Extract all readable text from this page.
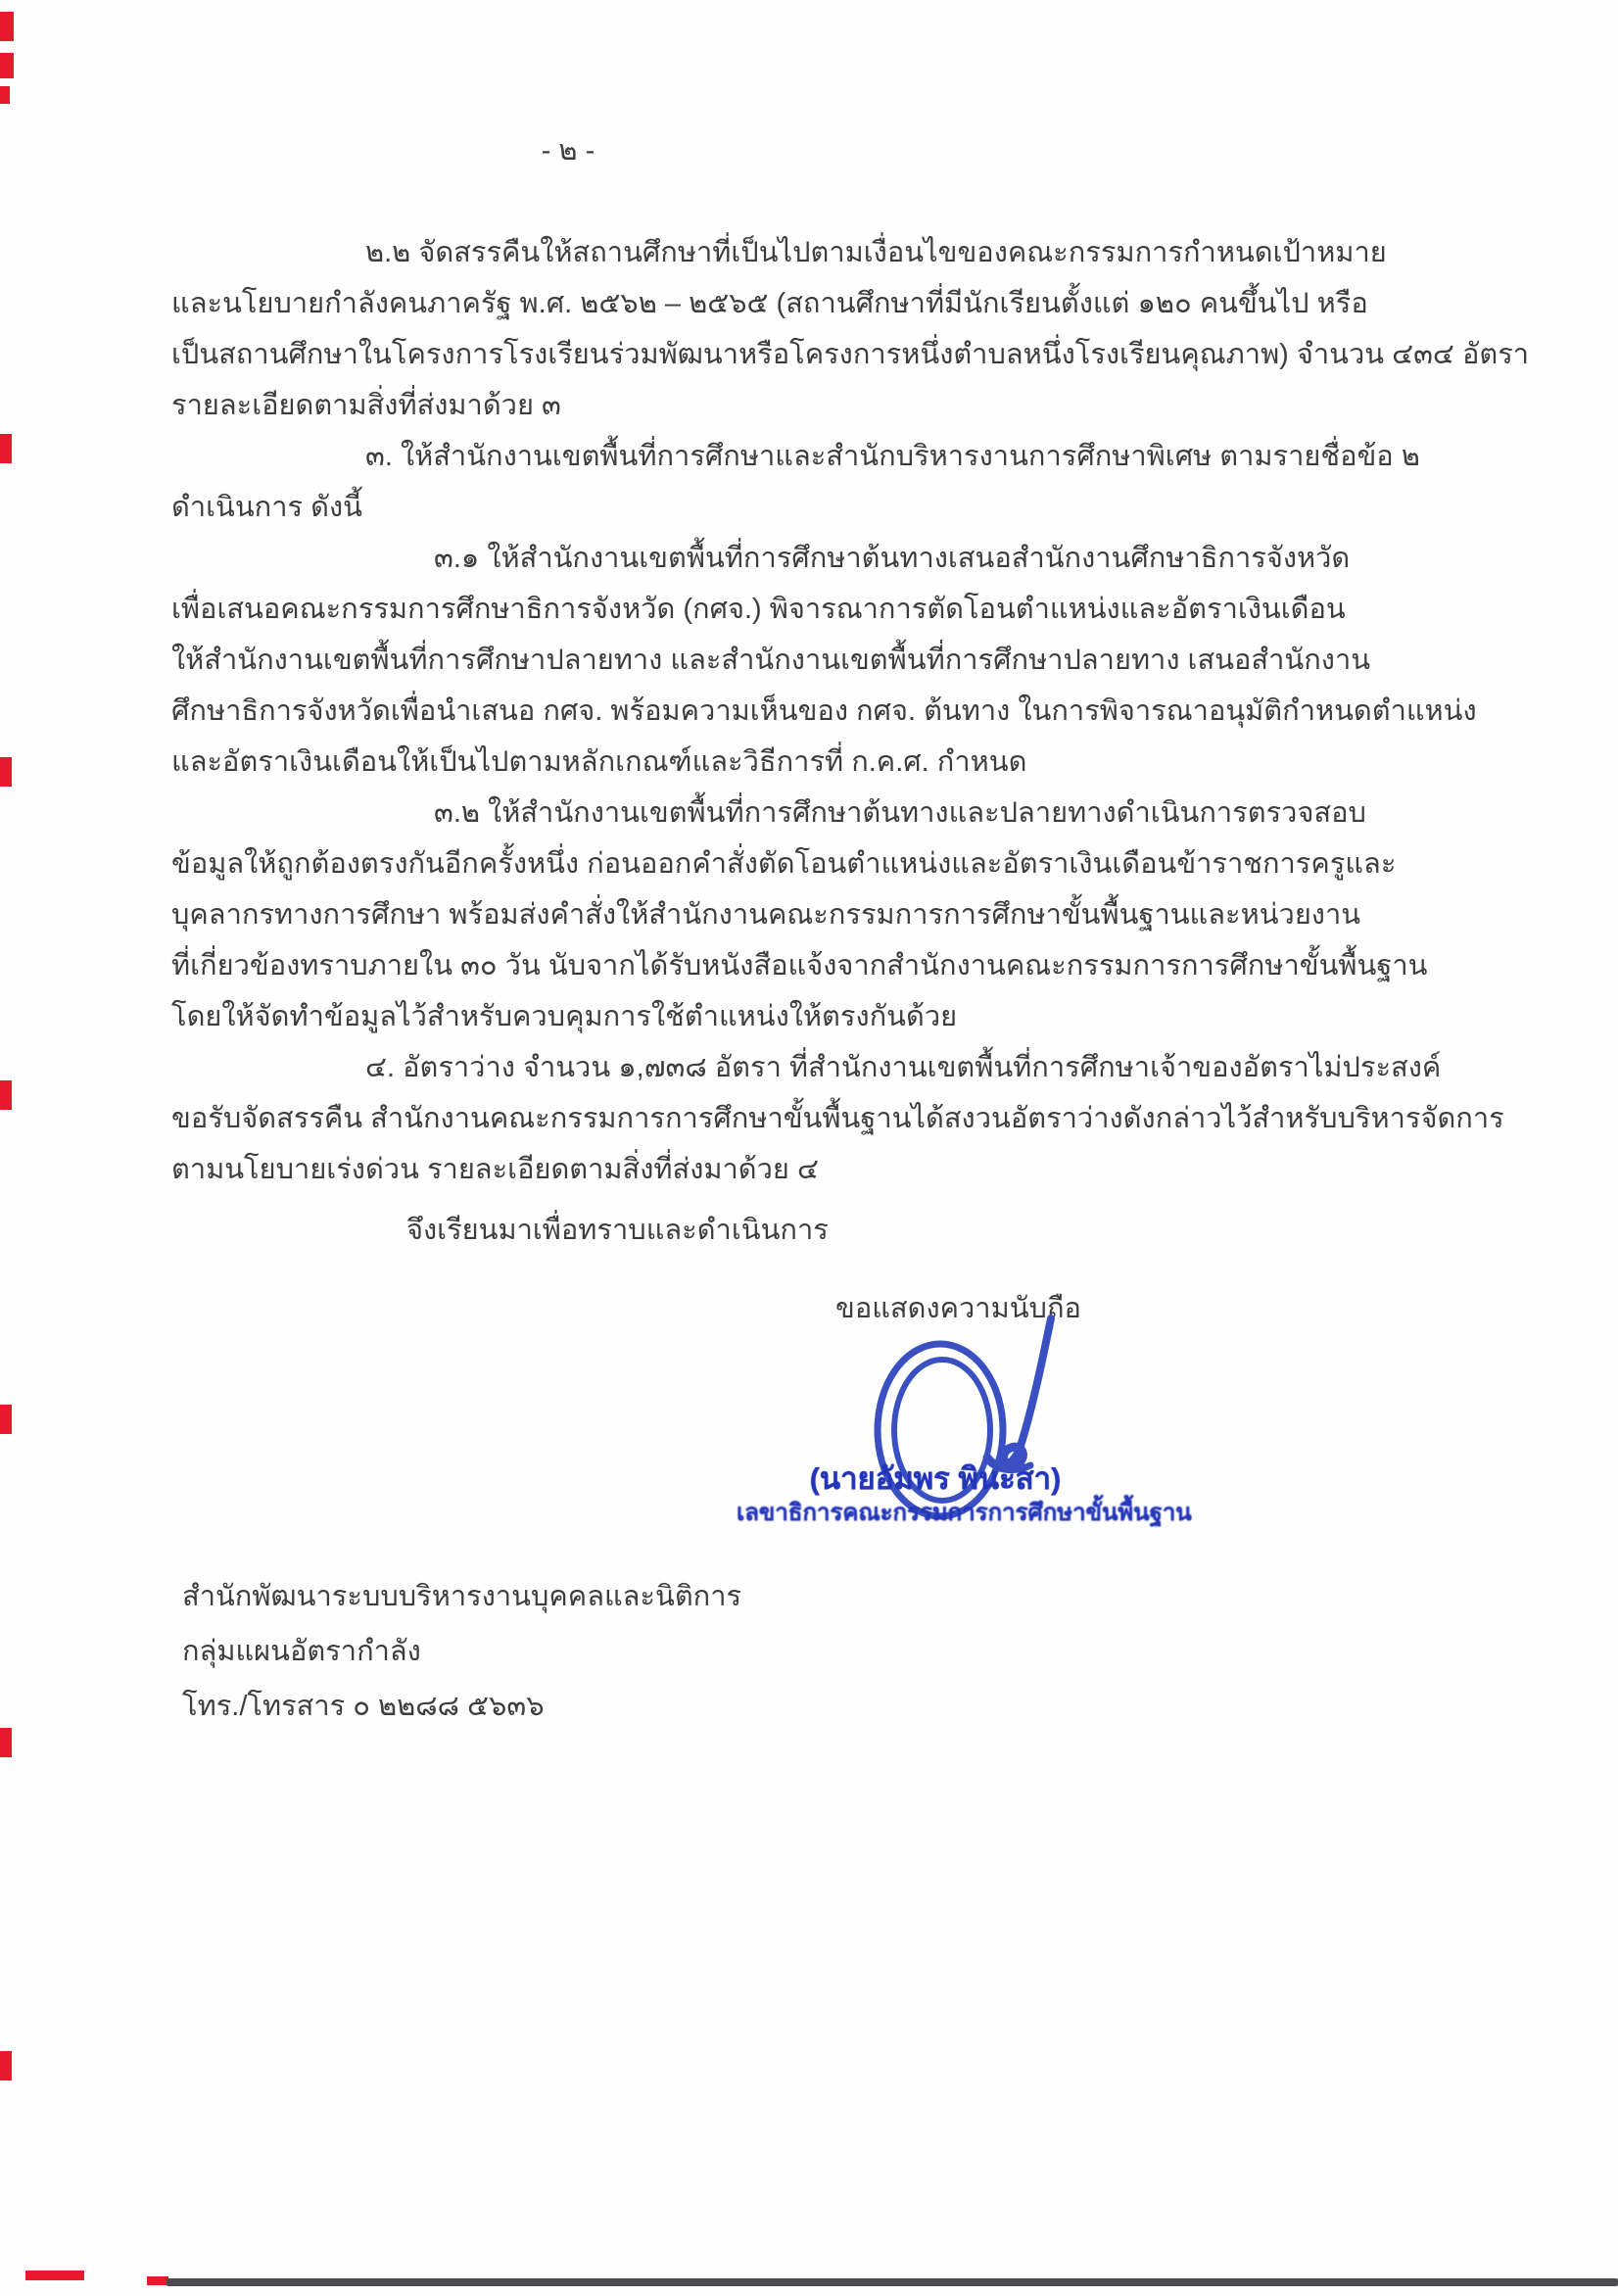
- ๒ -
๒.๒ จัดสรรคืนให้สถานศึกษาที่เป็นไปตามเงื่อนไขของคณะกรรมการกำหนดเป้าหมาย
และนโยบายกำลังคนภาครัฐ พ.ศ. ๒๕๖๒ – ๒๕๖๕ (สถานศึกษาที่มีนักเรียนตั้งแต่ ๑๒๐ คนขึ้นไป หรือ
เป็นสถานศึกษาในโครงการโรงเรียนร่วมพัฒนาหรือโครงการหนึ่งตำบลหนึ่งโรงเรียนคุณภาพ) จำนวน ๔๓๔ อัตรา
รายละเอียดตามสิ่งที่ส่งมาด้วย ๓
๓. ให้สำนักงานเขตพื้นที่การศึกษาและสำนักบริหารงานการศึกษาพิเศษ ตามรายชื่อข้อ ๒
ดำเนินการ ดังนี้
๓.๑ ให้สำนักงานเขตพื้นที่การศึกษาต้นทางเสนอสำนักงานศึกษาธิการจังหวัด
เพื่อเสนอคณะกรรมการศึกษาธิการจังหวัด (กศจ.) พิจารณาการตัดโอนตำแหน่งและอัตราเงินเดือน
ให้สำนักงานเขตพื้นที่การศึกษาปลายทาง และสำนักงานเขตพื้นที่การศึกษาปลายทาง เสนอสำนักงาน
ศึกษาธิการจังหวัดเพื่อนำเสนอ กศจ. พร้อมความเห็นของ กศจ. ต้นทาง ในการพิจารณาอนุมัติกำหนดตำแหน่ง
และอัตราเงินเดือนให้เป็นไปตามหลักเกณฑ์และวิธีการที่ ก.ค.ศ. กำหนด
๓.๒ ให้สำนักงานเขตพื้นที่การศึกษาต้นทางและปลายทางดำเนินการตรวจสอบ
ข้อมูลให้ถูกต้องตรงกันอีกครั้งหนึ่ง ก่อนออกคำสั่งตัดโอนตำแหน่งและอัตราเงินเดือนข้าราชการครูและ
บุคลากรทางการศึกษา พร้อมส่งคำสั่งให้สำนักงานคณะกรรมการการศึกษาขั้นพื้นฐานและหน่วยงาน
ที่เกี่ยวข้องทราบภายใน ๓๐ วัน นับจากได้รับหนังสือแจ้งจากสำนักงานคณะกรรมการการศึกษาขั้นพื้นฐาน
โดยให้จัดทำข้อมูลไว้สำหรับควบคุมการใช้ตำแหน่งให้ตรงกันด้วย
๔. อัตราว่าง จำนวน ๑,๗๓๘ อัตรา ที่สำนักงานเขตพื้นที่การศึกษาเจ้าของอัตราไม่ประสงค์
ขอรับจัดสรรคืน สำนักงานคณะกรรมการการศึกษาขั้นพื้นฐานได้สงวนอัตราว่างดังกล่าวไว้สำหรับบริหารจัดการ
ตามนโยบายเร่งด่วน รายละเอียดตามสิ่งที่ส่งมาด้วย ๔
จึงเรียนมาเพื่อทราบและดำเนินการ
ขอแสดงความนับถือ
(นายอัมพร พินะสา)
เลขาธิการคณะกรรมการการศึกษาขั้นพื้นฐาน
สำนักพัฒนาระบบบริหารงานบุคคลและนิติการ
กลุ่มแผนอัตรากำลัง
โทร./โทรสาร ๐ ๒๒๘๘ ๕๖๓๖
